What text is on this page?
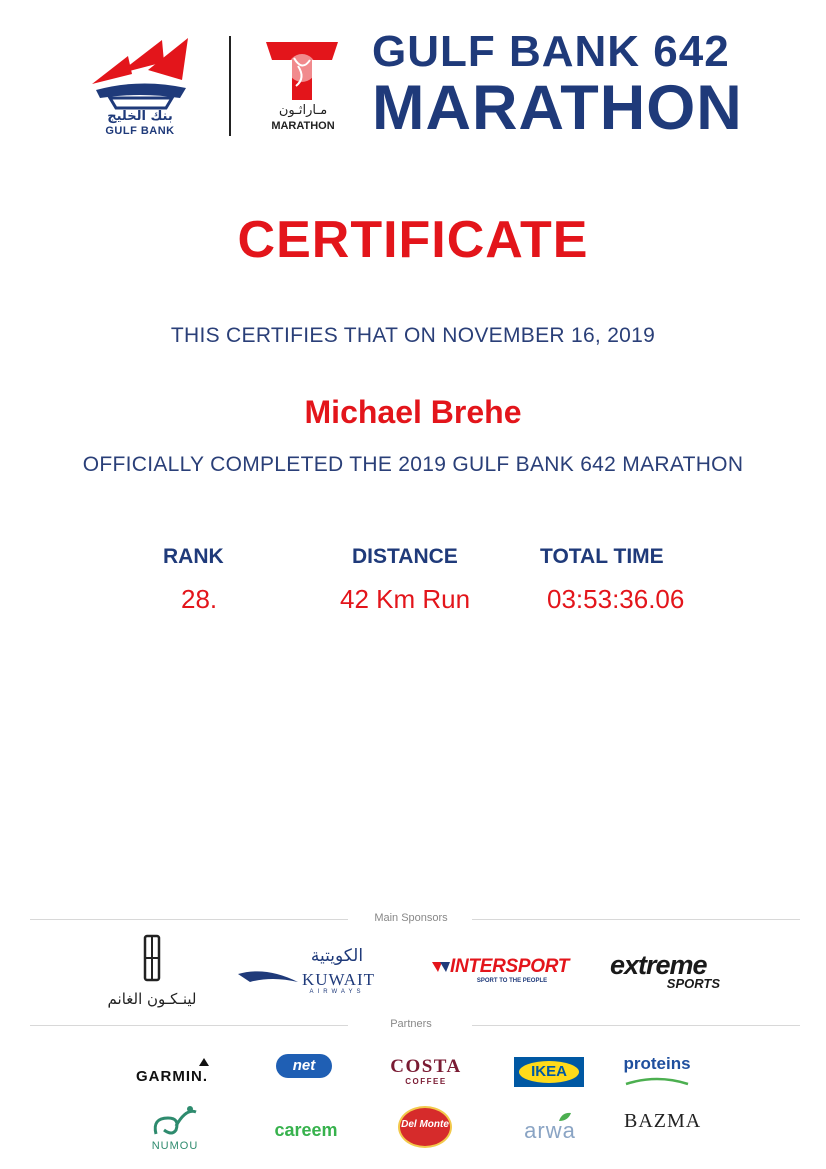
بنك الخليج
GULF BANK
مـاراثـون
MARATHON
GULF BANK 642
MARATHON
CERTIFICATE
THIS CERTIFIES THAT ON NOVEMBER 16, 2019
Michael Brehe
OFFICIALLY COMPLETED THE 2019 GULF BANK 642 MARATHON
RANK	DISTANCE	TOTAL TIME
28.	42 Km Run	03:53:36.06
Main Sponsors
لينـكـون الغانم
الكويتية
KUWAIT
AIRWAYS
INTERSPORT
SPORT TO THE PEOPLE
extreme
SPORTS
Partners
GARMIN.
net	COSTA
COFFEE
IKEA	proteins
NUMOU
careem	Del Monte	arwa	BAZMA
